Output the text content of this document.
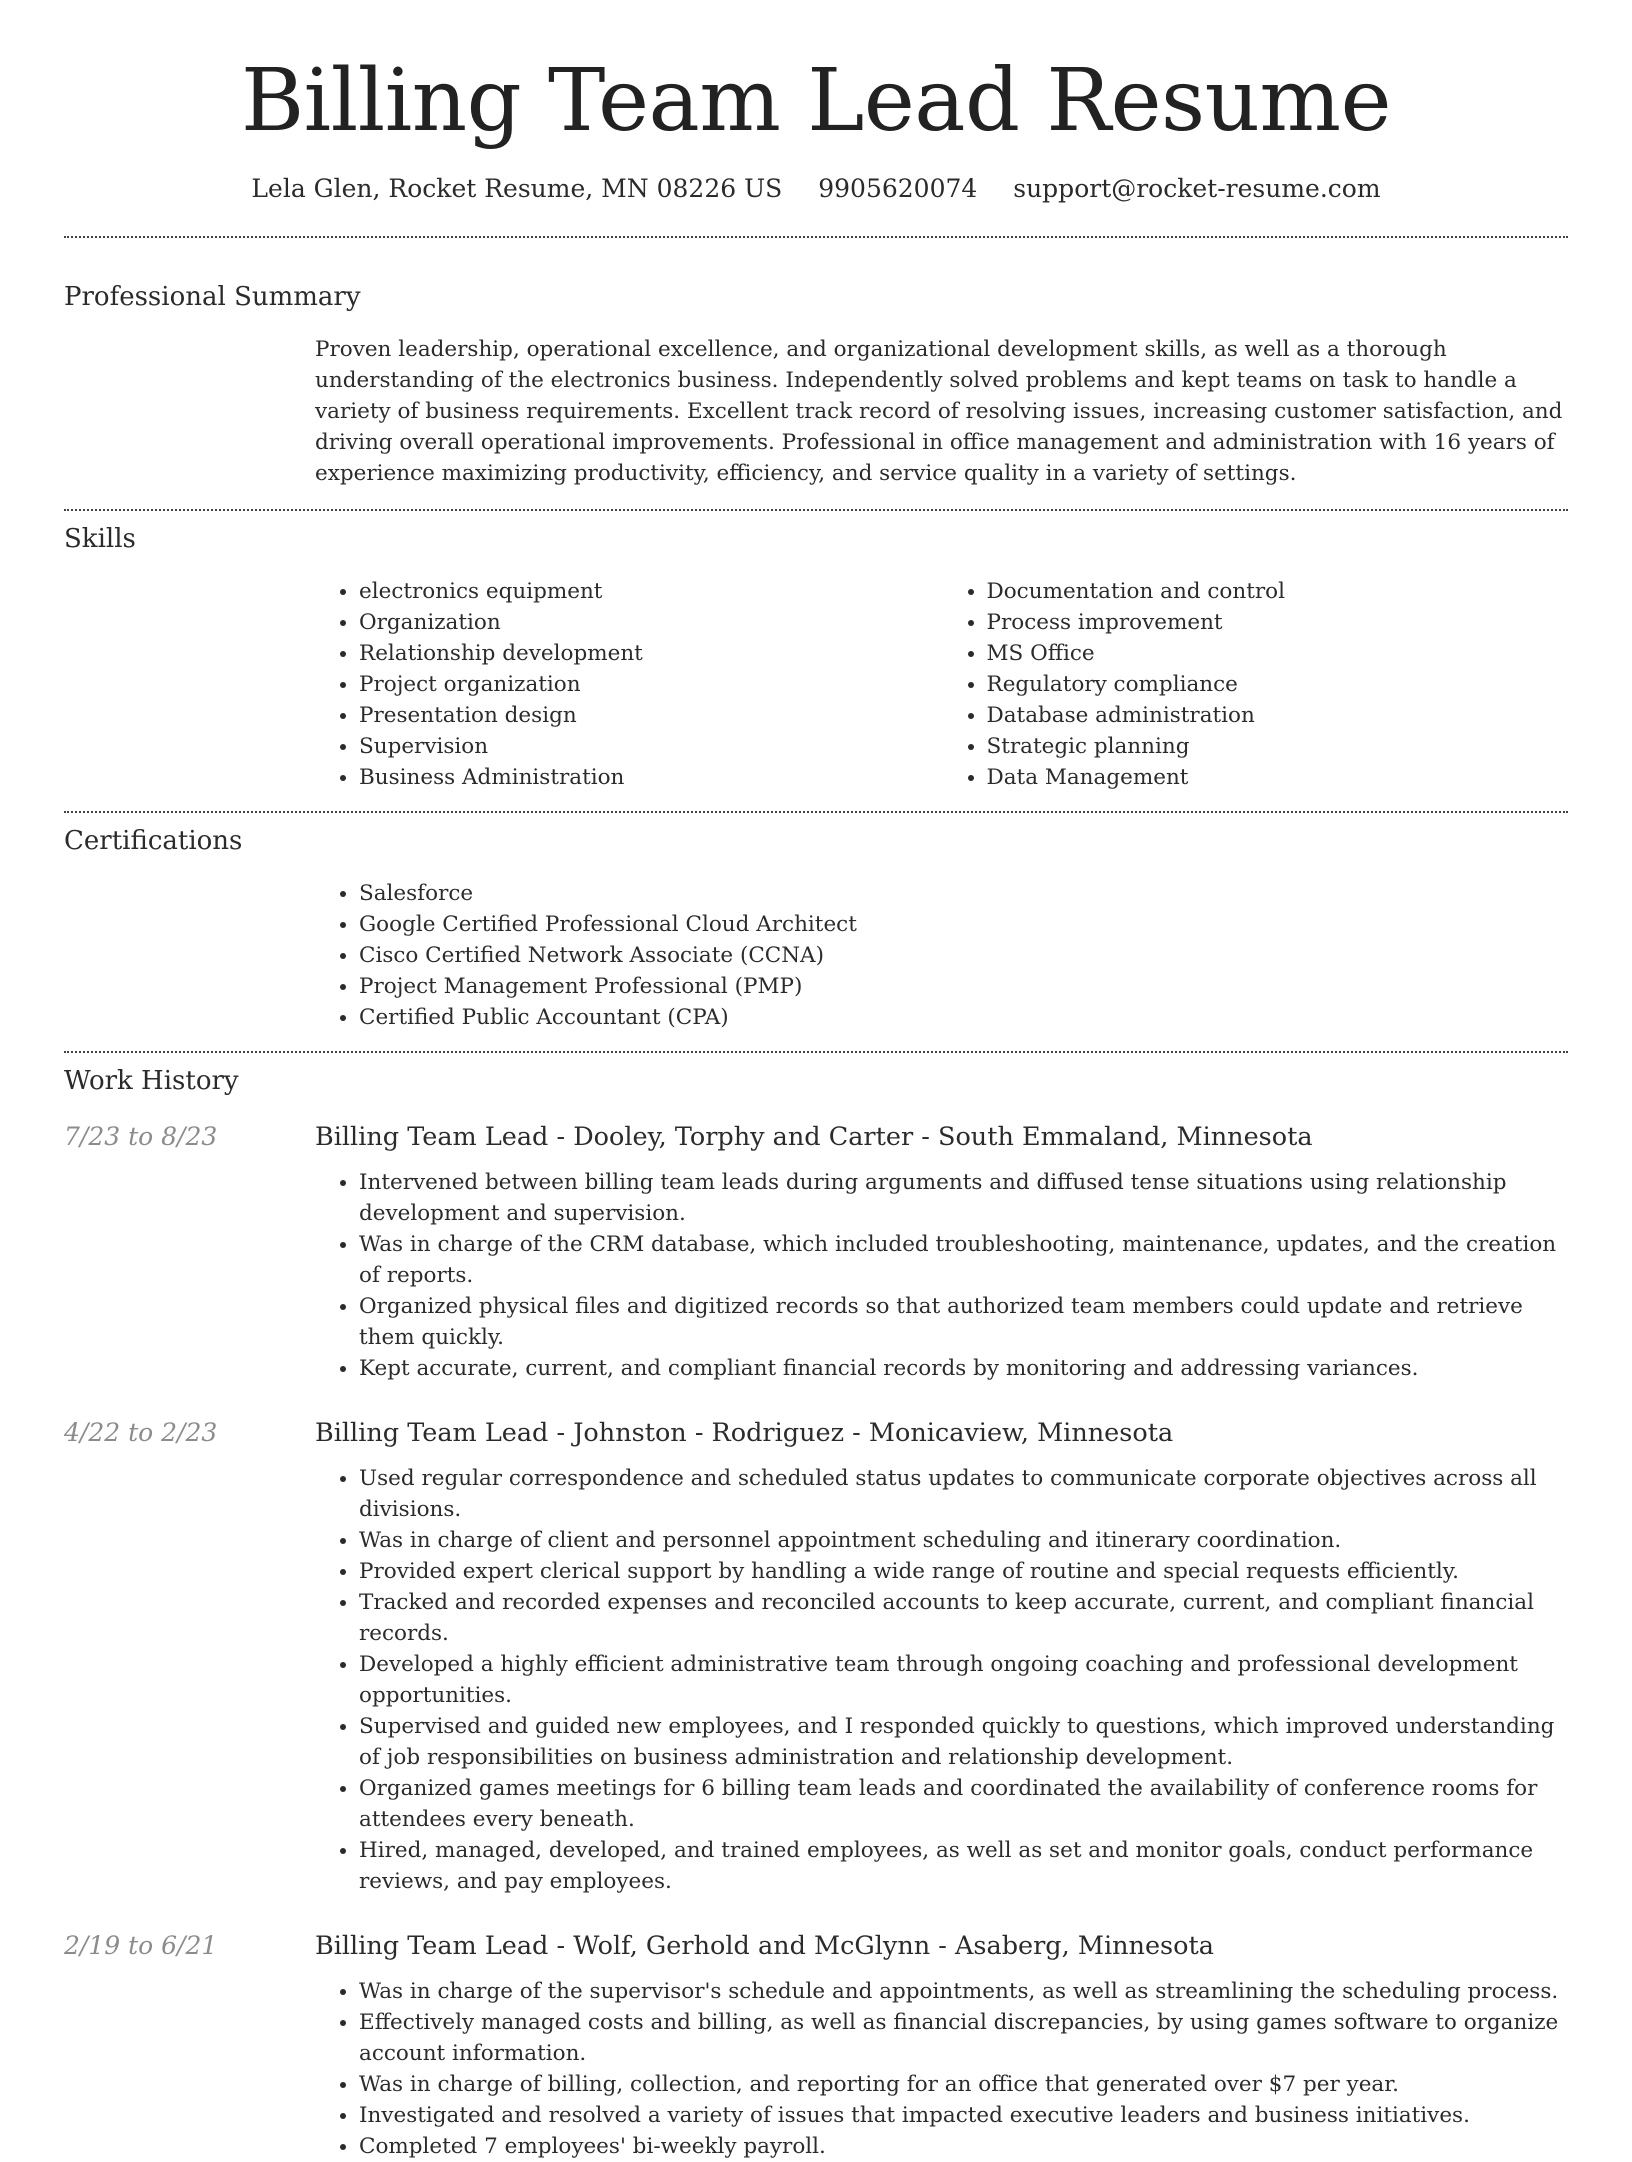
Billing Team Lead Resume
Lela Glen, Rocket Resume, MN 08226 US 9905620074 support@rocket-resume.com
Professional Summary
Proven leadership, operational excellence, and organizational development skills, as well as a thorough understanding of the electronics business. Independently solved problems and kept teams on task to handle a variety of business requirements. Excellent track record of resolving issues, increasing customer satisfaction, and driving overall operational improvements. Professional in office management and administration with 16 years of experience maximizing productivity, efficiency, and service quality in a variety of settings.
Skills
• electronics equipment
• Organization
• Relationship development
• Project organization
• Presentation design
• Supervision
• Business Administration
• Documentation and control
• Process improvement
• MS Office
• Regulatory compliance
• Database administration
• Strategic planning
• Data Management
Certifications
• Salesforce
• Google Certified Professional Cloud Architect
• Cisco Certified Network Associate (CCNA)
• Project Management Professional (PMP)
• Certified Public Accountant (CPA)
Work History
7/23 to 8/23	Billing Team Lead - Dooley, Torphy and Carter - South Emmaland, Minnesota
• Intervened between billing team leads during arguments and diffused tense situations using relationship development and supervision.
• Was in charge of the CRM database, which included troubleshooting, maintenance, updates, and the creation of reports.
• Organized physical files and digitized records so that authorized team members could update and retrieve them quickly.
• Kept accurate, current, and compliant financial records by monitoring and addressing variances.
4/22 to 2/23	Billing Team Lead - Johnston - Rodriguez - Monicaview, Minnesota
• Used regular correspondence and scheduled status updates to communicate corporate objectives across all divisions.
• Was in charge of client and personnel appointment scheduling and itinerary coordination.
• Provided expert clerical support by handling a wide range of routine and special requests efficiently.
• Tracked and recorded expenses and reconciled accounts to keep accurate, current, and compliant financial records.
• Developed a highly efficient administrative team through ongoing coaching and professional development opportunities.
• Supervised and guided new employees, and I responded quickly to questions, which improved understanding of job responsibilities on business administration and relationship development.
• Organized games meetings for 6 billing team leads and coordinated the availability of conference rooms for attendees every beneath.
• Hired, managed, developed, and trained employees, as well as set and monitor goals, conduct performance reviews, and pay employees.
2/19 to 6/21	Billing Team Lead - Wolf, Gerhold and McGlynn - Asaberg, Minnesota
• Was in charge of the supervisor's schedule and appointments, as well as streamlining the scheduling process.
• Effectively managed costs and billing, as well as financial discrepancies, by using games software to organize account information.
• Was in charge of billing, collection, and reporting for an office that generated over $7 per year.
• Investigated and resolved a variety of issues that impacted executive leaders and business initiatives.
• Completed 7 employees' bi-weekly payroll.
